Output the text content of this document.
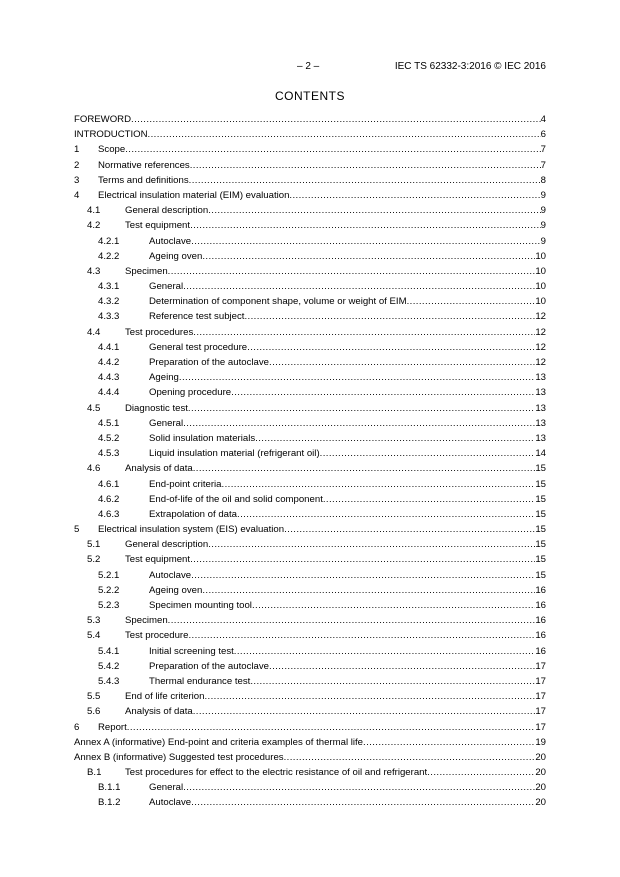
– 2 –	IEC TS 62332-3:2016 © IEC 2016
CONTENTS
FOREWORD .....	4
INTRODUCTION .....	6
1 Scope .....	7
2 Normative references .....	7
3 Terms and definitions .....	8
4 Electrical insulation material (EIM) evaluation .....	9
4.1	General description .....	9
4.2	Test equipment .....	9
4.2.1	Autoclave .....	9
4.2.2	Ageing oven .....	10
4.3	Specimen .....	10
4.3.1	General .....	10
4.3.2	Determination of component shape, volume or weight of EIM .....	10
4.3.3	Reference test subject .....	12
4.4	Test procedures .....	12
4.4.1	General test procedure .....	12
4.4.2	Preparation of the autoclave .....	12
4.4.3	Ageing .....	13
4.4.4	Opening procedure .....	13
4.5	Diagnostic test .....	13
4.5.1	General .....	13
4.5.2	Solid insulation materials .....	13
4.5.3	Liquid insulation material (refrigerant oil) .....	14
4.6	Analysis of data .....	15
4.6.1	End-point criteria .....	15
4.6.2	End-of-life of the oil and solid component .....	15
4.6.3	Extrapolation of data .....	15
5 Electrical insulation system (EIS) evaluation .....	15
5.1	General description .....	15
5.2	Test equipment .....	15
5.2.1	Autoclave .....	15
5.2.2	Ageing oven .....	16
5.2.3	Specimen mounting tool .....	16
5.3	Specimen .....	16
5.4	Test procedure .....	16
5.4.1	Initial screening test .....	16
5.4.2	Preparation of the autoclave .....	17
5.4.3	Thermal endurance test .....	17
5.5	End of life criterion .....	17
5.6	Analysis of data .....	17
6 Report .....	17
Annex A (informative) End-point and criteria examples of thermal life .....	19
Annex B (informative) Suggested test procedures .....	20
B.1 Test procedures for effect to the electric resistance of oil and refrigerant .....	20
B.1.1	General .....	20
B.1.2	Autoclave .....	20
